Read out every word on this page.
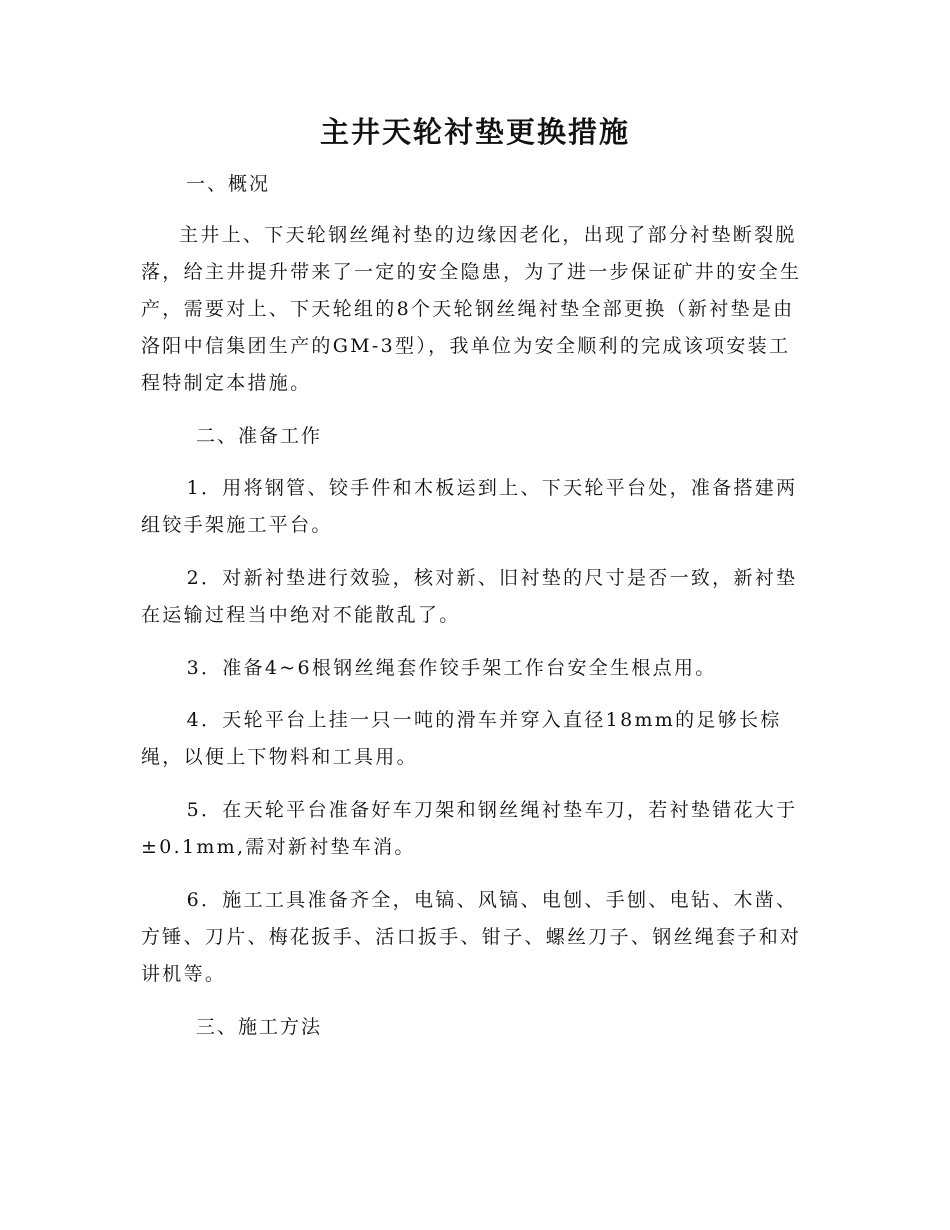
主井天轮衬垫更换措施

一、概况

主井上、下天轮钢丝绳衬垫的边缘因老化，出现了部分衬垫断裂脱落，给主井提升带来了一定的安全隐患，为了进一步保证矿井的安全生产，需要对上、下天轮组的8个天轮钢丝绳衬垫全部更换（新衬垫是由洛阳中信集团生产的GM-3型），我单位为安全顺利的完成该项安装工程特制定本措施。

二、准备工作

1．用将钢管、铰手件和木板运到上、下天轮平台处，准备搭建两组铰手架施工平台。

2．对新衬垫进行效验，核对新、旧衬垫的尺寸是否一致，新衬垫在运输过程当中绝对不能散乱了。

3．准备4~6根钢丝绳套作铰手架工作台安全生根点用。

4．天轮平台上挂一只一吨的滑车并穿入直径18mm的足够长棕绳，以便上下物料和工具用。

5．在天轮平台准备好车刀架和钢丝绳衬垫车刀，若衬垫错花大于±0.1mm,需对新衬垫车消。

6．施工工具准备齐全，电镐、风镐、电刨、手刨、电钻、木凿、方锤、刀片、梅花扳手、活口扳手、钳子、螺丝刀子、钢丝绳套子和对讲机等。

三、施工方法
